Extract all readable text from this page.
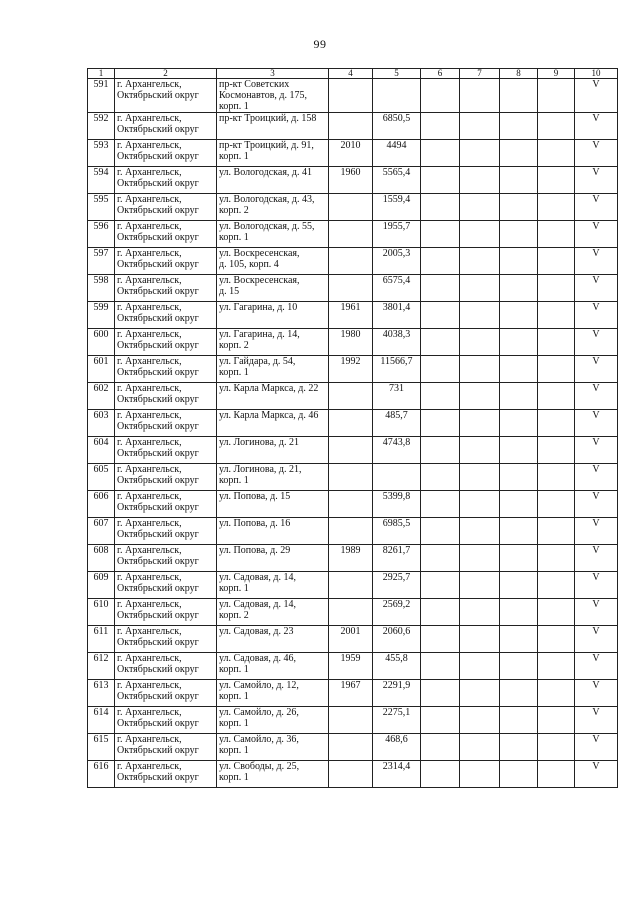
99
1	2	3	4	5	6	7	8	9	10
591	г. Архангельск,
Октябрьский округ	пр-кт Советских
Космонавтов, д. 175,
корп. 1							V
592	г. Архангельск,
Октябрьский округ	пр-кт Троицкий, д. 158		6850,5					V
593	г. Архангельск,
Октябрьский округ	пр-кт Троицкий, д. 91,
корп. 1	2010	4494					V
594	г. Архангельск,
Октябрьский округ	ул. Вологодская, д. 41	1960	5565,4					V
595	г. Архангельск,
Октябрьский округ	ул. Вологодская, д. 43,
корп. 2		1559,4					V
596	г. Архангельск,
Октябрьский округ	ул. Вологодская, д. 55,
корп. 1		1955,7					V
597	г. Архангельск,
Октябрьский округ	ул. Воскресенская,
д. 105, корп. 4		2005,3					V
598	г. Архангельск,
Октябрьский округ	ул. Воскресенская,
д. 15		6575,4					V
599	г. Архангельск,
Октябрьский округ	ул. Гагарина, д. 10	1961	3801,4					V
600	г. Архангельск,
Октябрьский округ	ул. Гагарина, д. 14,
корп. 2	1980	4038,3					V
601	г. Архангельск,
Октябрьский округ	ул. Гайдара, д. 54,
корп. 1	1992	11566,7					V
602	г. Архангельск,
Октябрьский округ	ул. Карла Маркса, д. 22		731					V
603	г. Архангельск,
Октябрьский округ	ул. Карла Маркса, д. 46		485,7					V
604	г. Архангельск,
Октябрьский округ	ул. Логинова, д. 21		4743,8					V
605	г. Архангельск,
Октябрьский округ	ул. Логинова, д. 21,
корп. 1							V
606	г. Архангельск,
Октябрьский округ	ул. Попова, д. 15		5399,8					V
607	г. Архангельск,
Октябрьский округ	ул. Попова, д. 16		6985,5					V
608	г. Архангельск,
Октябрьский округ	ул. Попова, д. 29	1989	8261,7					V
609	г. Архангельск,
Октябрьский округ	ул. Садовая, д. 14,
корп. 1		2925,7					V
610	г. Архангельск,
Октябрьский округ	ул. Садовая, д. 14,
корп. 2		2569,2					V
611	г. Архангельск,
Октябрьский округ	ул. Садовая, д. 23	2001	2060,6					V
612	г. Архангельск,
Октябрьский округ	ул. Садовая, д. 46,
корп. 1	1959	455,8					V
613	г. Архангельск,
Октябрьский округ	ул. Самойло, д. 12,
корп. 1	1967	2291,9					V
614	г. Архангельск,
Октябрьский округ	ул. Самойло, д. 26,
корп. 1		2275,1					V
615	г. Архангельск,
Октябрьский округ	ул. Самойло, д. 36,
корп. 1		468,6					V
616	г. Архангельск,
Октябрьский округ	ул. Свободы, д. 25,
корп. 1		2314,4					V
